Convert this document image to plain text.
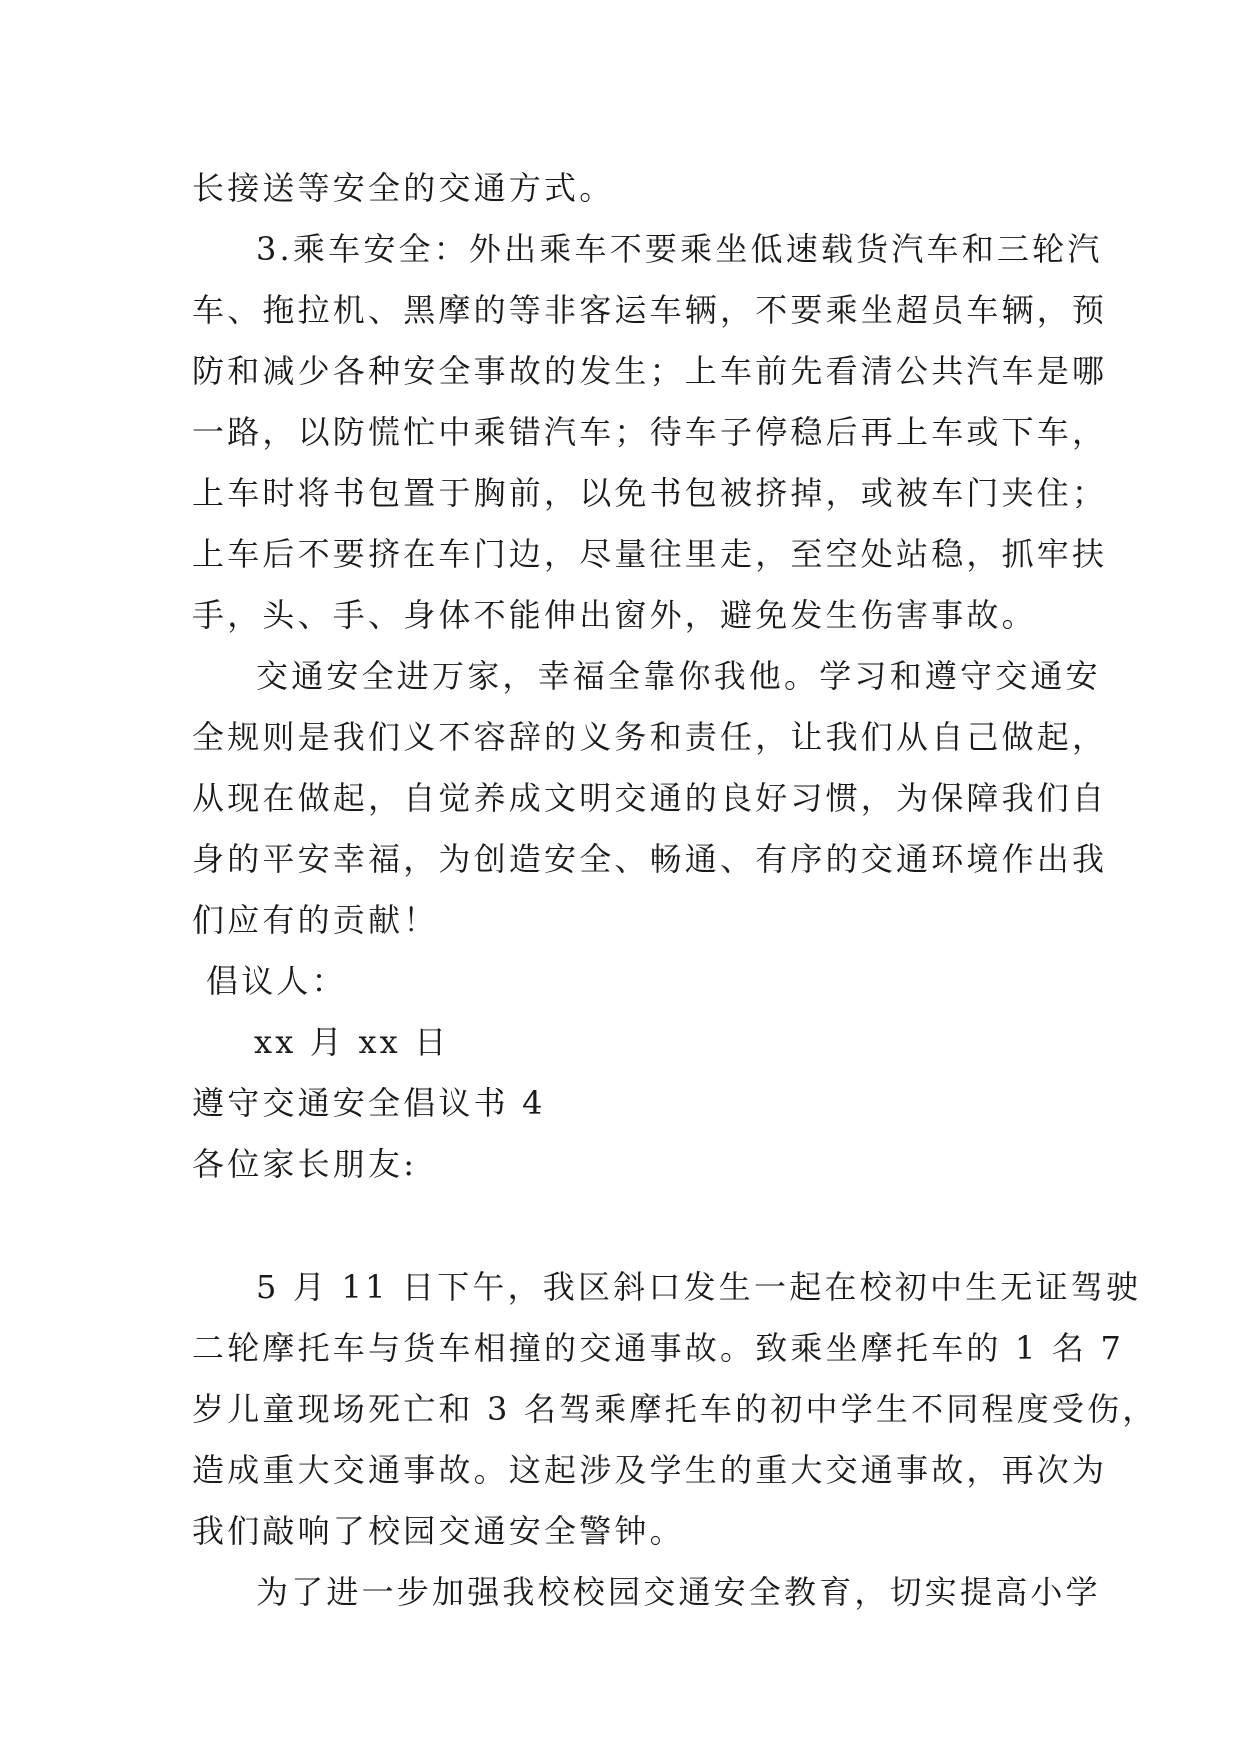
长接送等安全的交通方式。
3.乘车安全：外出乘车不要乘坐低速载货汽车和三轮汽
车、拖拉机、黑摩的等非客运车辆，不要乘坐超员车辆，预
防和减少各种安全事故的发生；上车前先看清公共汽车是哪
一路，以防慌忙中乘错汽车；待车子停稳后再上车或下车，
上车时将书包置于胸前，以免书包被挤掉，或被车门夹住；
上车后不要挤在车门边，尽量往里走，至空处站稳，抓牢扶
手，头、手、身体不能伸出窗外，避免发生伤害事故。
交通安全进万家，幸福全靠你我他。学习和遵守交通安
全规则是我们义不容辞的义务和责任，让我们从自己做起，
从现在做起，自觉养成文明交通的良好习惯，为保障我们自
身的平安幸福，为创造安全、畅通、有序的交通环境作出我
们应有的贡献！
倡议人：
xx 月 xx 日
遵守交通安全倡议书 4
各位家长朋友:
5 月 11 日下午，我区斜口发生一起在校初中生无证驾驶
二轮摩托车与货车相撞的交通事故。致乘坐摩托车的 1 名 7
岁儿童现场死亡和 3 名驾乘摩托车的初中学生不同程度受伤，
造成重大交通事故。这起涉及学生的重大交通事故，再次为
我们敲响了校园交通安全警钟。
为了进一步加强我校校园交通安全教育，切实提高小学
